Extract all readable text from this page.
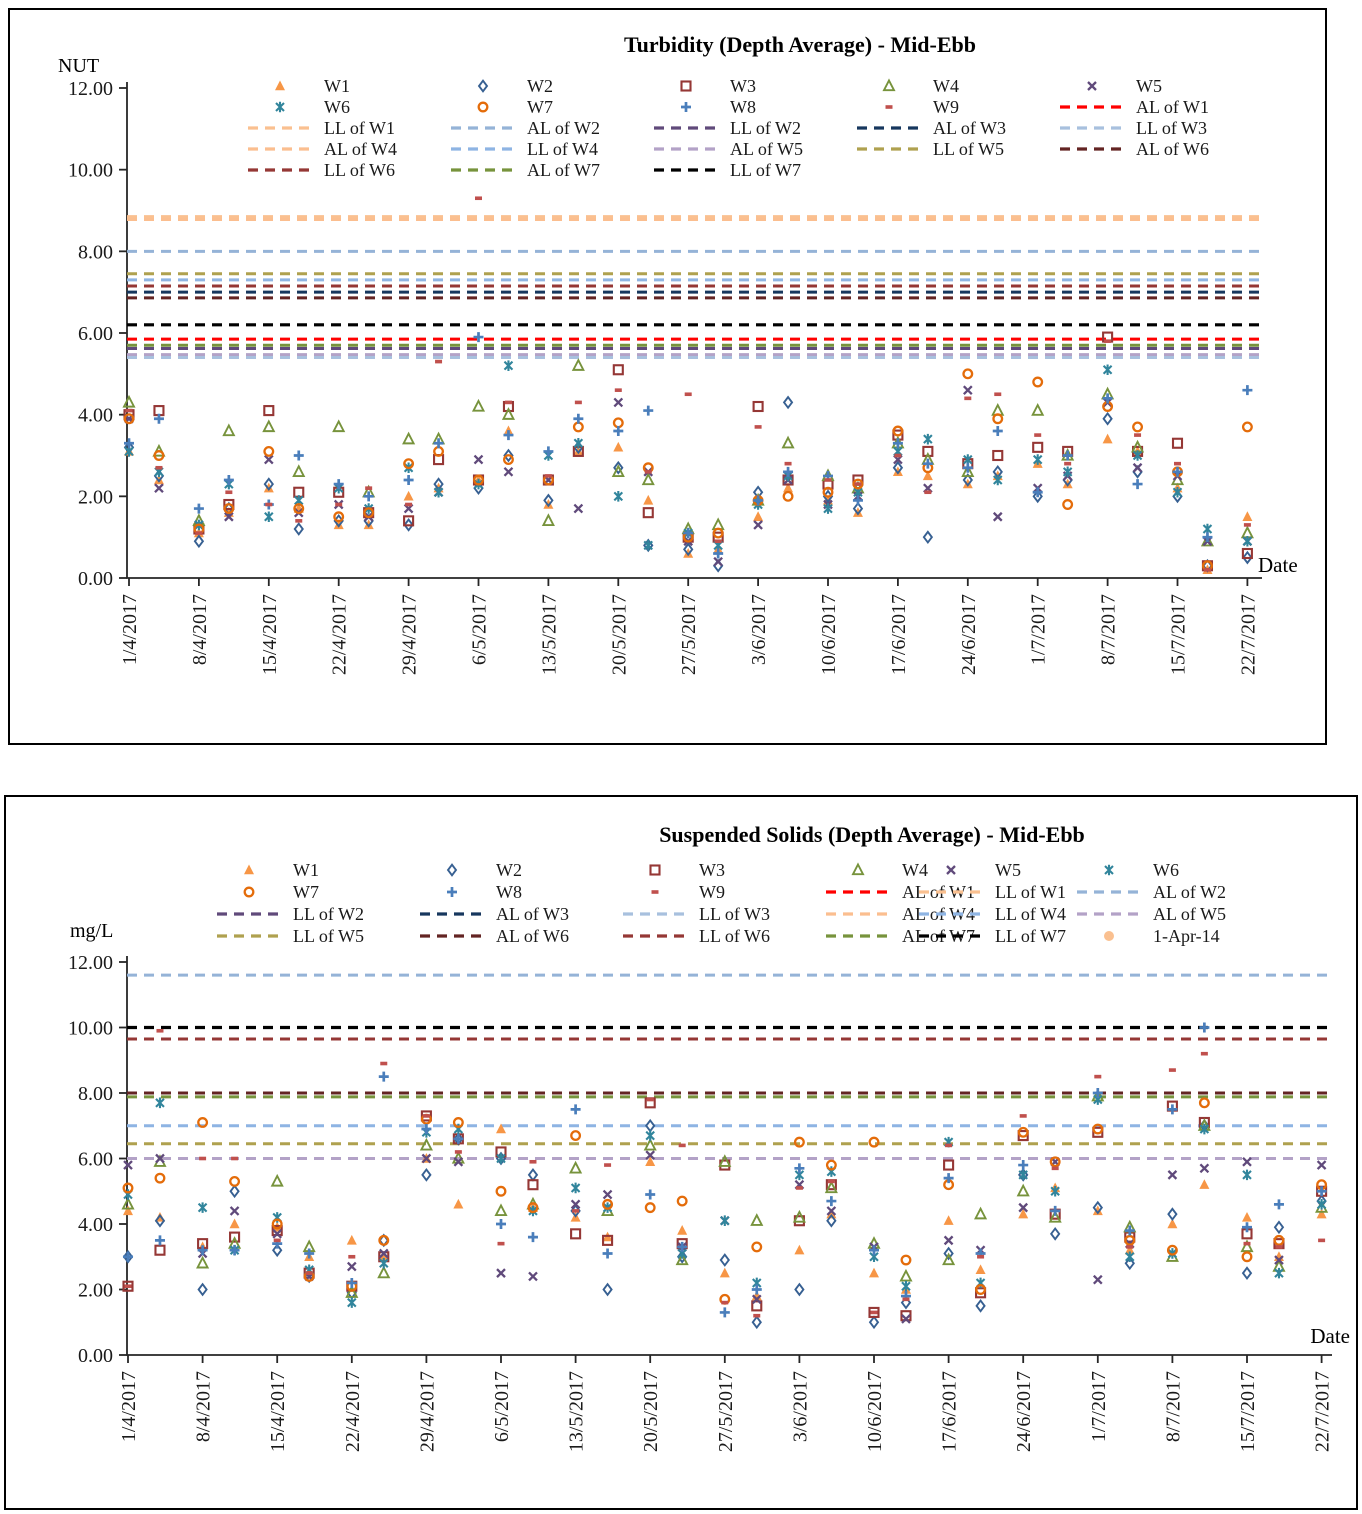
Turbidity (Depth Average) - Mid-Ebb
NUT
Date
12.00
10.00
8.00
6.00
4.00
2.00
0.00
1/4/2017 8/4/2017 15/4/2017 22/4/2017 29/4/2017 6/5/2017 13/5/2017 20/5/2017 27/5/2017 3/6/2017 10/6/2017 17/6/2017 24/6/2017 1/7/2017 8/7/2017 15/7/2017 22/7/2017
W1	W2	W3	W4	W5
W6	W7	W8	W9	AL of W1
LL of W1	AL of W2	LL of W2	AL of W3	LL of W3
AL of W4	LL of W4	AL of W5	LL of W5	AL of W6
LL of W6	AL of W7	LL of W7
Suspended Solids (Depth Average) - Mid-Ebb
mg/L
Date
12.00
10.00
8.00
6.00
4.00
2.00
0.00
1/4/2017	8/4/2017	15/4/2017	22/4/2017	29/4/2017	6/5/2017	13/5/2017	20/5/2017	27/5/2017	3/6/2017	10/6/2017	17/6/2017	24/6/2017	1/7/2017	8/7/2017	15/7/2017	22/7/2017
W1	W2	W3	W4	W5	W6
W7	W8	W9	AL of W1 LL of W1	AL of W2
LL of W2	AL of W3	LL of W3	AL of W4 LL of W4	AL of W5
LL of W5	AL of W6	LL of W6	AL of W7 LL of W7	1-Apr-14
